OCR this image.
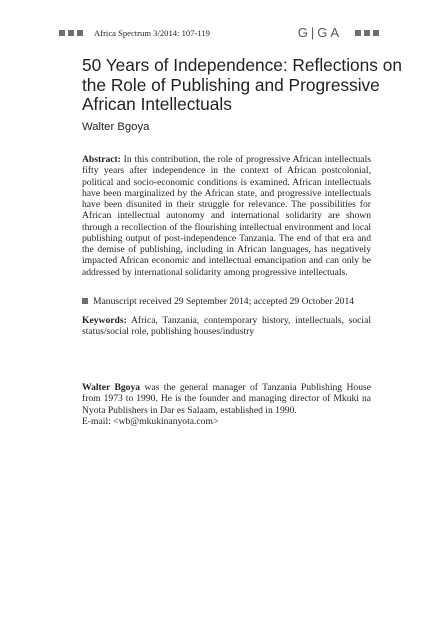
Africa Spectrum 3/2014: 107-119	G|GA
50 Years of Independence: Reflections on the Role of Publishing and Progressive African Intellectuals

Walter Bgoya

Abstract: In this contribution, the role of progressive African intellectuals fifty years after independence in the context of African postcolonial, political and socio-economic conditions is examined. African intellectuals have been marginalized by the African state, and progressive intellectuals have been disunited in their struggle for relevance. The possibilities for African intellectual autonomy and international solidarity are shown through a recollection of the flourishing intellectual environment and local publishing output of post-independence Tanzania. The end of that era and the demise of publishing, including in African languages, has negatively impacted African economic and intellectual emancipation and can only be addressed by international solidarity among progressive intellectuals.

Manuscript received 29 September 2014; accepted 29 October 2014

Keywords: Africa, Tanzania, contemporary history, intellectuals, social status/social role, publishing houses/industry

Walter Bgoya was the general manager of Tanzania Publishing House from 1973 to 1990. He is the founder and managing director of Mkuki na Nyota Publishers in Dar es Salaam, established in 1990.
E-mail: <wb@mkukinanyota.com>
